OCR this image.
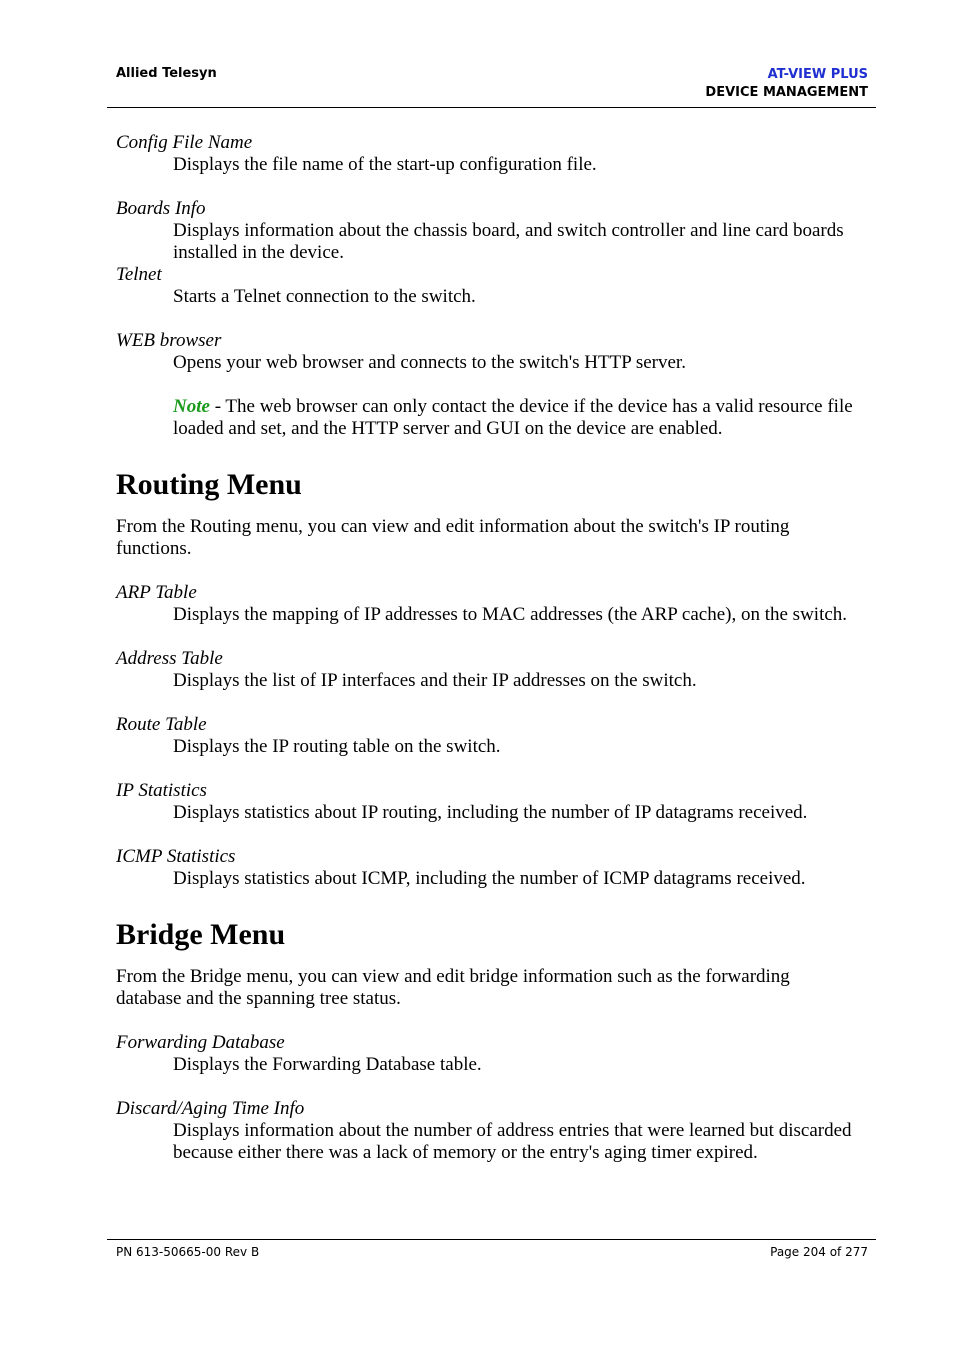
Allied Telesyn	AT-VIEW PLUS
DEVICE MANAGEMENT
Config File Name
Displays the file name of the start-up configuration file.
Boards Info
Displays information about the chassis board, and switch controller and line card boards installed in the device.
Telnet
Starts a Telnet connection to the switch.
WEB browser
Opens your web browser and connects to the switch's HTTP server.
Note - The web browser can only contact the device if the device has a valid resource file loaded and set, and the HTTP server and GUI on the device are enabled.
Routing Menu
From the Routing menu, you can view and edit information about the switch's IP routing functions.
ARP Table
Displays the mapping of IP addresses to MAC addresses (the ARP cache), on the switch.
Address Table
Displays the list of IP interfaces and their IP addresses on the switch.
Route Table
Displays the IP routing table on the switch.
IP Statistics
Displays statistics about IP routing, including the number of IP datagrams received.
ICMP Statistics
Displays statistics about ICMP, including the number of ICMP datagrams received.
Bridge Menu
From the Bridge menu, you can view and edit bridge information such as the forwarding database and the spanning tree status.
Forwarding Database
Displays the Forwarding Database table.
Discard/Aging Time Info
Displays information about the number of address entries that were learned but discarded because either there was a lack of memory or the entry's aging timer expired.
PN 613-50665-00 Rev B	Page 204 of 277
